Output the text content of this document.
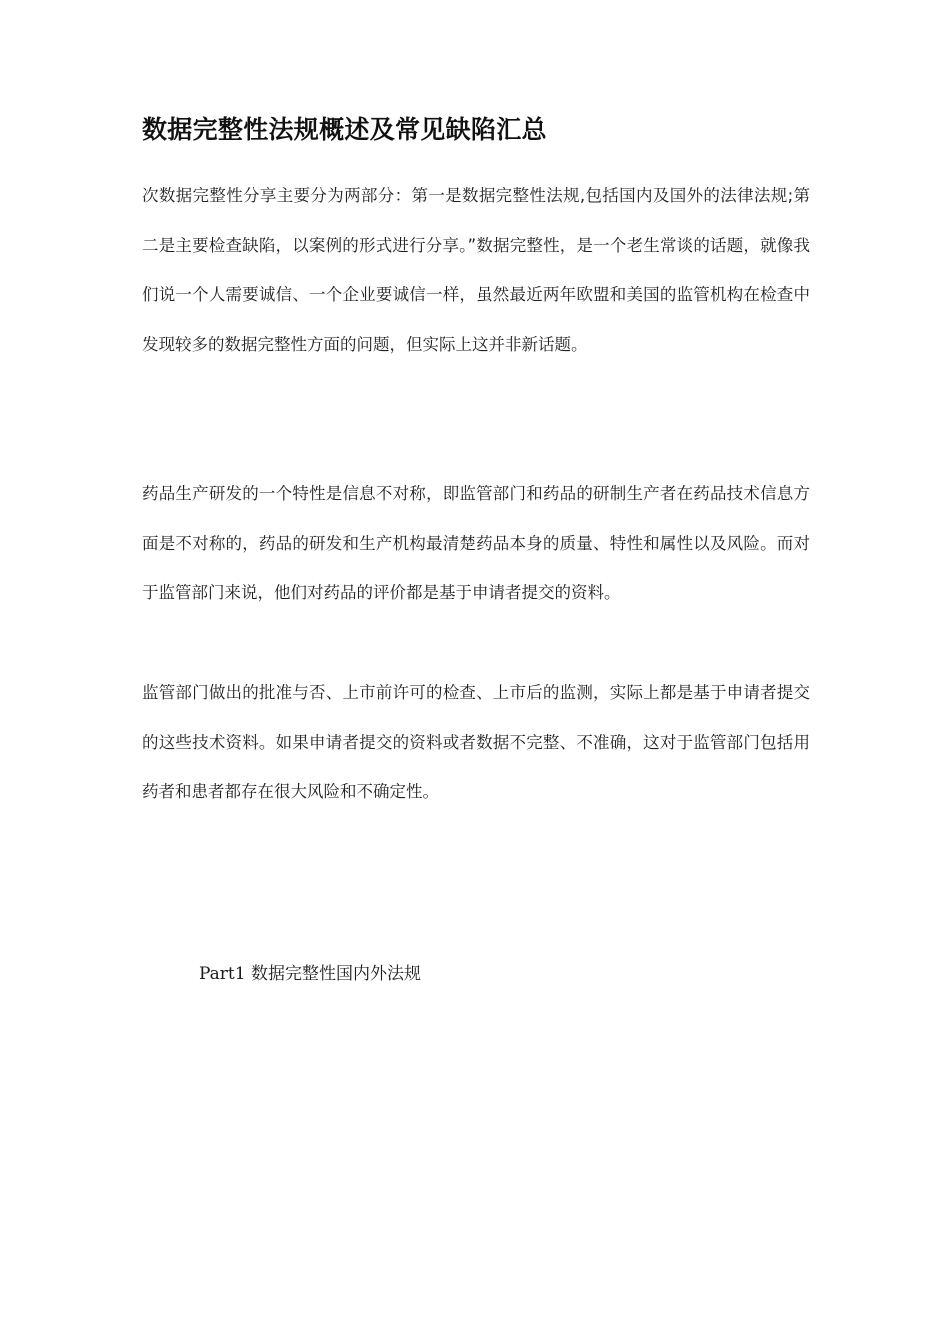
数据完整性法规概述及常见缺陷汇总

次数据完整性分享主要分为两部分：第一是数据完整性法规,包括国内及国外的法律法规;第二是主要检查缺陷，以案例的形式进行分享。”数据完整性，是一个老生常谈的话题，就像我们说一个人需要诚信、一个企业要诚信一样，虽然最近两年欧盟和美国的监管机构在检查中发现较多的数据完整性方面的问题，但实际上这并非新话题。

药品生产研发的一个特性是信息不对称，即监管部门和药品的研制生产者在药品技术信息方面是不对称的，药品的研发和生产机构最清楚药品本身的质量、特性和属性以及风险。而对于监管部门来说，他们对药品的评价都是基于申请者提交的资料。

监管部门做出的批准与否、上市前许可的检查、上市后的监测，实际上都是基于申请者提交的这些技术资料。如果申请者提交的资料或者数据不完整、不准确，这对于监管部门包括用药者和患者都存在很大风险和不确定性。

Part1 数据完整性国内外法规
